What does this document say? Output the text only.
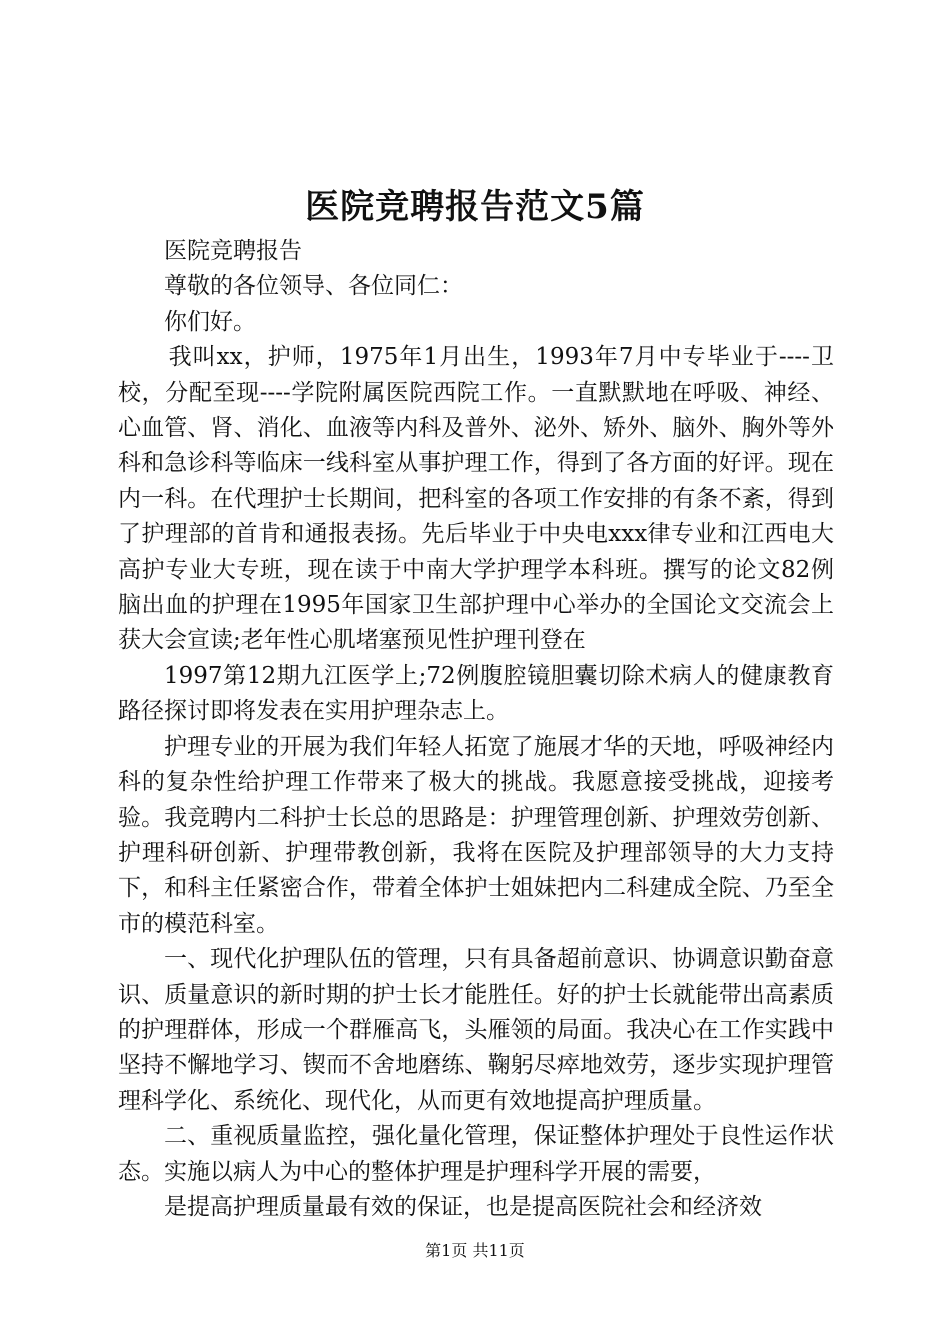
医院竞聘报告范文5篇

医院竞聘报告

尊敬的各位领导、各位同仁：

你们好。

我叫xx，护师，1975年1月出生，1993年7月中专毕业于----卫校，分配至现----学院附属医院西院工作。一直默默地在呼吸、神经、心血管、肾、消化、血液等内科及普外、泌外、矫外、脑外、胸外等外科和急诊科等临床一线科室从事护理工作，得到了各方面的好评。现在内一科。在代理护士长期间，把科室的各项工作安排的有条不紊，得到了护理部的首肯和通报表扬。先后毕业于中央电xxx律专业和江西电大高护专业大专班，现在读于中南大学护理学本科班。撰写的论文82例脑出血的护理在1995年国家卫生部护理中心举办的全国论文交流会上获大会宣读;老年性心肌堵塞预见性护理刊登在

1997第12期九江医学上;72例腹腔镜胆囊切除术病人的健康教育路径探讨即将发表在实用护理杂志上。

护理专业的开展为我们年轻人拓宽了施展才华的天地，呼吸神经内科的复杂性给护理工作带来了极大的挑战。我愿意接受挑战，迎接考验。我竞聘内二科护士长总的思路是：护理管理创新、护理效劳创新、护理科研创新、护理带教创新，我将在医院及护理部领导的大力支持下，和科主任紧密合作，带着全体护士姐妹把内二科建成全院、乃至全市的模范科室。

一、现代化护理队伍的管理，只有具备超前意识、协调意识勤奋意识、质量意识的新时期的护士长才能胜任。好的护士长就能带出高素质的护理群体，形成一个群雁高飞，头雁领的局面。我决心在工作实践中坚持不懈地学习、锲而不舍地磨练、鞠躬尽瘁地效劳，逐步实现护理管理科学化、系统化、现代化，从而更有效地提高护理质量。

二、重视质量监控，强化量化管理，保证整体护理处于良性运作状态。实施以病人为中心的整体护理是护理科学开展的需要，

是提高护理质量最有效的保证，也是提高医院社会和经济效

第1页 共11页
